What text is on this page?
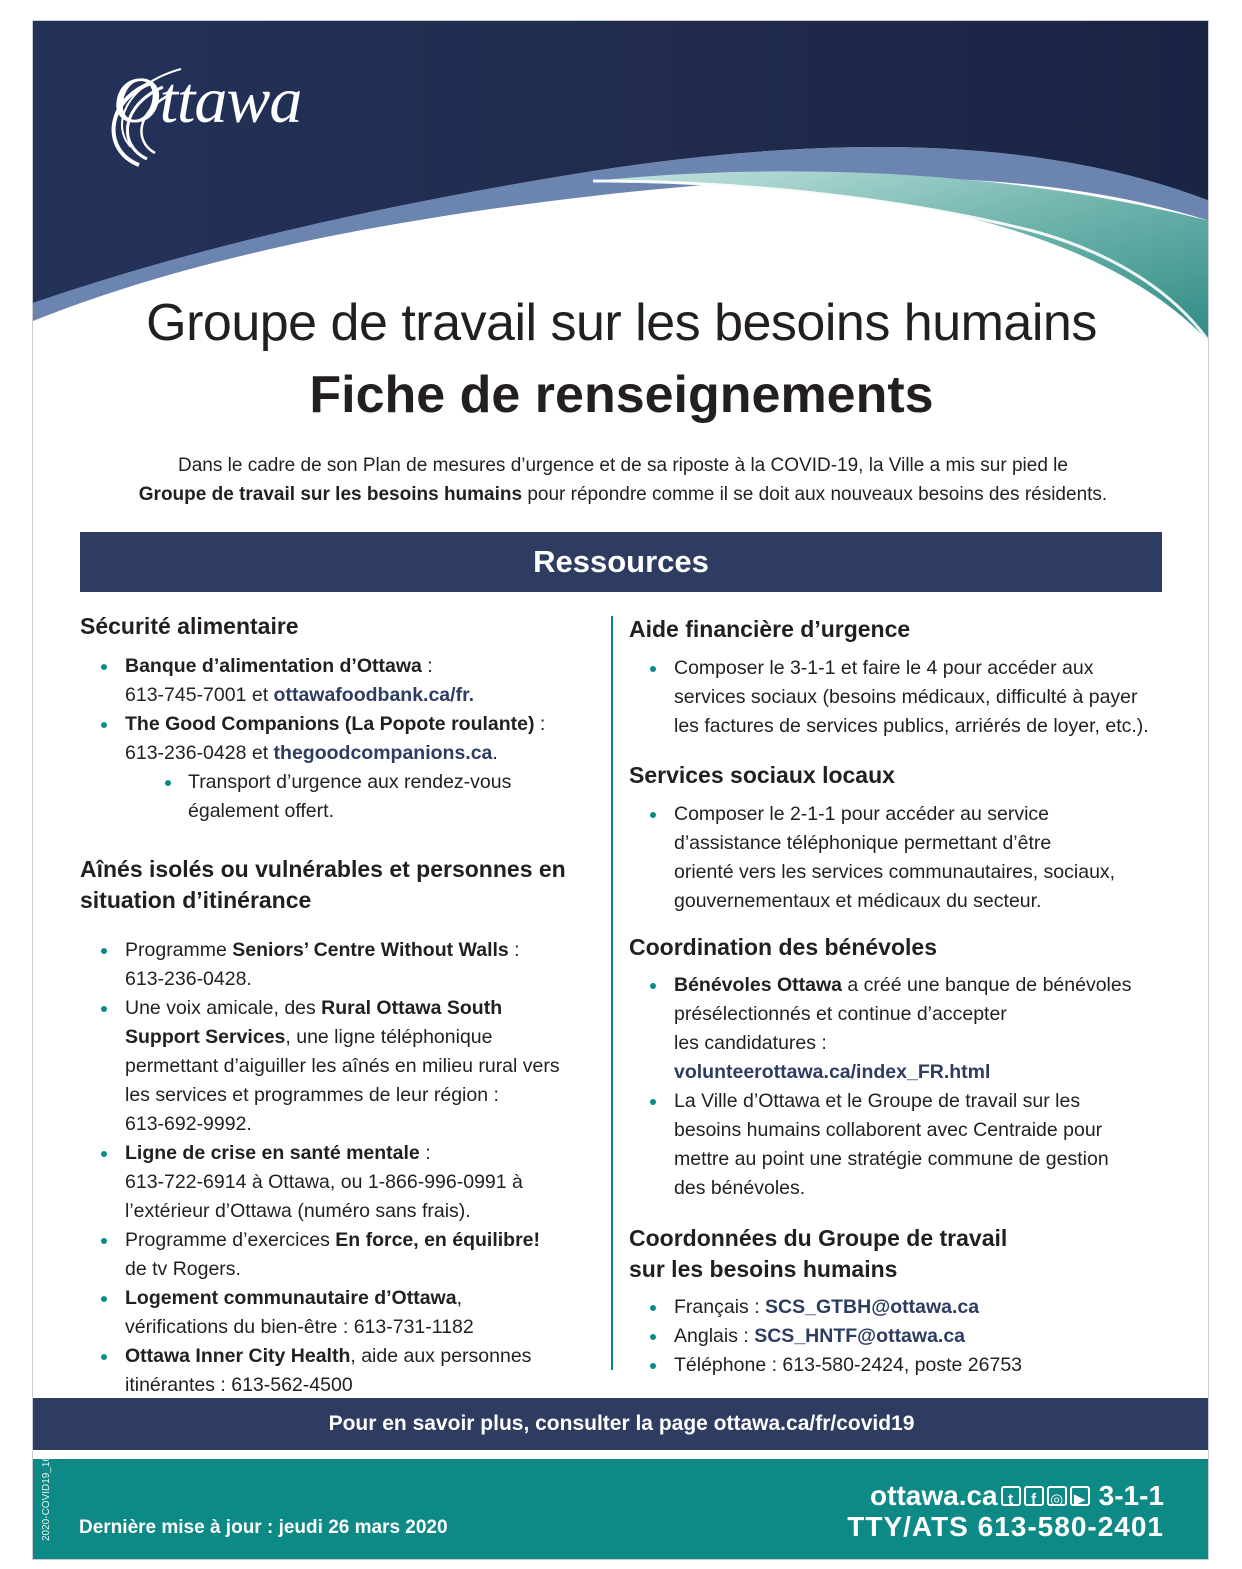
Ottawa
Groupe de travail sur les besoins humains
Fiche de renseignements
Dans le cadre de son Plan de mesures d’urgence et de sa riposte à la COVID-19, la Ville a mis sur pied le
Groupe de travail sur les besoins humains pour répondre comme il se doit aux nouveaux besoins des résidents.
Ressources
Sécurité alimentaire
Banque d’alimentation d’Ottawa :
613-745-7001 et ottawafoodbank.ca/fr.
The Good Companions (La Popote roulante) :
613-236-0428 et thegoodcompanions.ca.
Transport d’urgence aux rendez-vous
également offert.
Aînés isolés ou vulnérables et personnes en
situation d’itinérance
Programme Seniors’ Centre Without Walls :
613-236-0428.
Une voix amicale, des Rural Ottawa South
Support Services, une ligne téléphonique
permettant d’aiguiller les aînés en milieu rural vers
les services et programmes de leur région :
613-692-9992.
Ligne de crise en santé mentale :
613-722-6914 à Ottawa, ou 1-866-996-0991 à
l’extérieur d’Ottawa (numéro sans frais).
Programme d’exercices En force, en équilibre!
de tv Rogers.
Logement communautaire d’Ottawa,
vérifications du bien-être : 613-731-1182
Ottawa Inner City Health, aide aux personnes
itinérantes : 613-562-4500
Aide financière d’urgence
Composer le 3-1-1 et faire le 4 pour accéder aux
services sociaux (besoins médicaux, difficulté à payer
les factures de services publics, arriérés de loyer, etc.).
Services sociaux locaux
Composer le 2-1-1 pour accéder au service
d’assistance téléphonique permettant d’être
orienté vers les services communautaires, sociaux,
gouvernementaux et médicaux du secteur.
Coordination des bénévoles
Bénévoles Ottawa a créé une banque de bénévoles
présélectionnés et continue d’accepter
les candidatures :
volunteerottawa.ca/index_FR.html
La Ville d’Ottawa et le Groupe de travail sur les
besoins humains collaborent avec Centraide pour
mettre au point une stratégie commune de gestion
des bénévoles.
Coordonnées du Groupe de travail
sur les besoins humains
Français : SCS_GTBH@ottawa.ca
Anglais : SCS_HNTF@ottawa.ca
Téléphone : 613-580-2424, poste 26753
Pour en savoir plus, consulter la page ottawa.ca/fr/covid19
Dernière mise à jour : jeudi 26 mars 2020
ottawa.ca t	f ◎ ▶ 3-1-1
TTY/ATS 613-580-2401
2020-COVID19_16
